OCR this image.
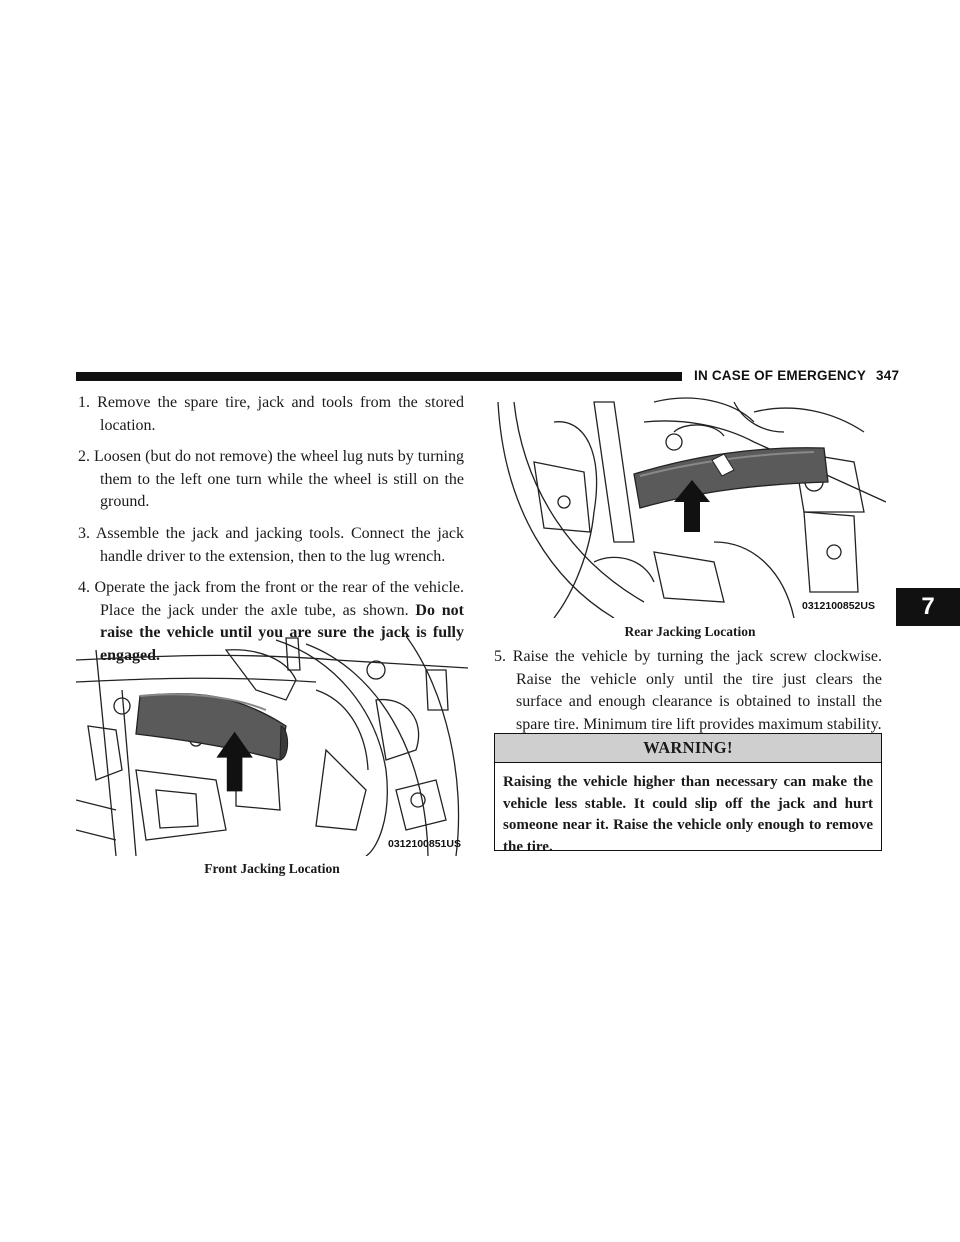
IN CASE OF EMERGENCY 347
7
1. Remove the spare tire, jack and tools from the stored location.
2. Loosen (but do not remove) the wheel lug nuts by turning them to the left one turn while the wheel is still on the ground.
3. Assemble the jack and jacking tools. Connect the jack handle driver to the extension, then to the lug wrench.
4. Operate the jack from the front or the rear of the vehicle. Place the jack under the axle tube, as shown. Do not raise the vehicle until you are sure the jack is fully engaged.
0312100851US
Front Jacking Location
0312100852US
Rear Jacking Location
5. Raise the vehicle by turning the jack screw clockwise. Raise the vehicle only until the tire just clears the surface and enough clearance is obtained to install the spare tire. Minimum tire lift provides maximum stability.
WARNING!
Raising the vehicle higher than necessary can make the vehicle less stable. It could slip off the jack and hurt someone near it. Raise the vehicle only enough to remove the tire.
